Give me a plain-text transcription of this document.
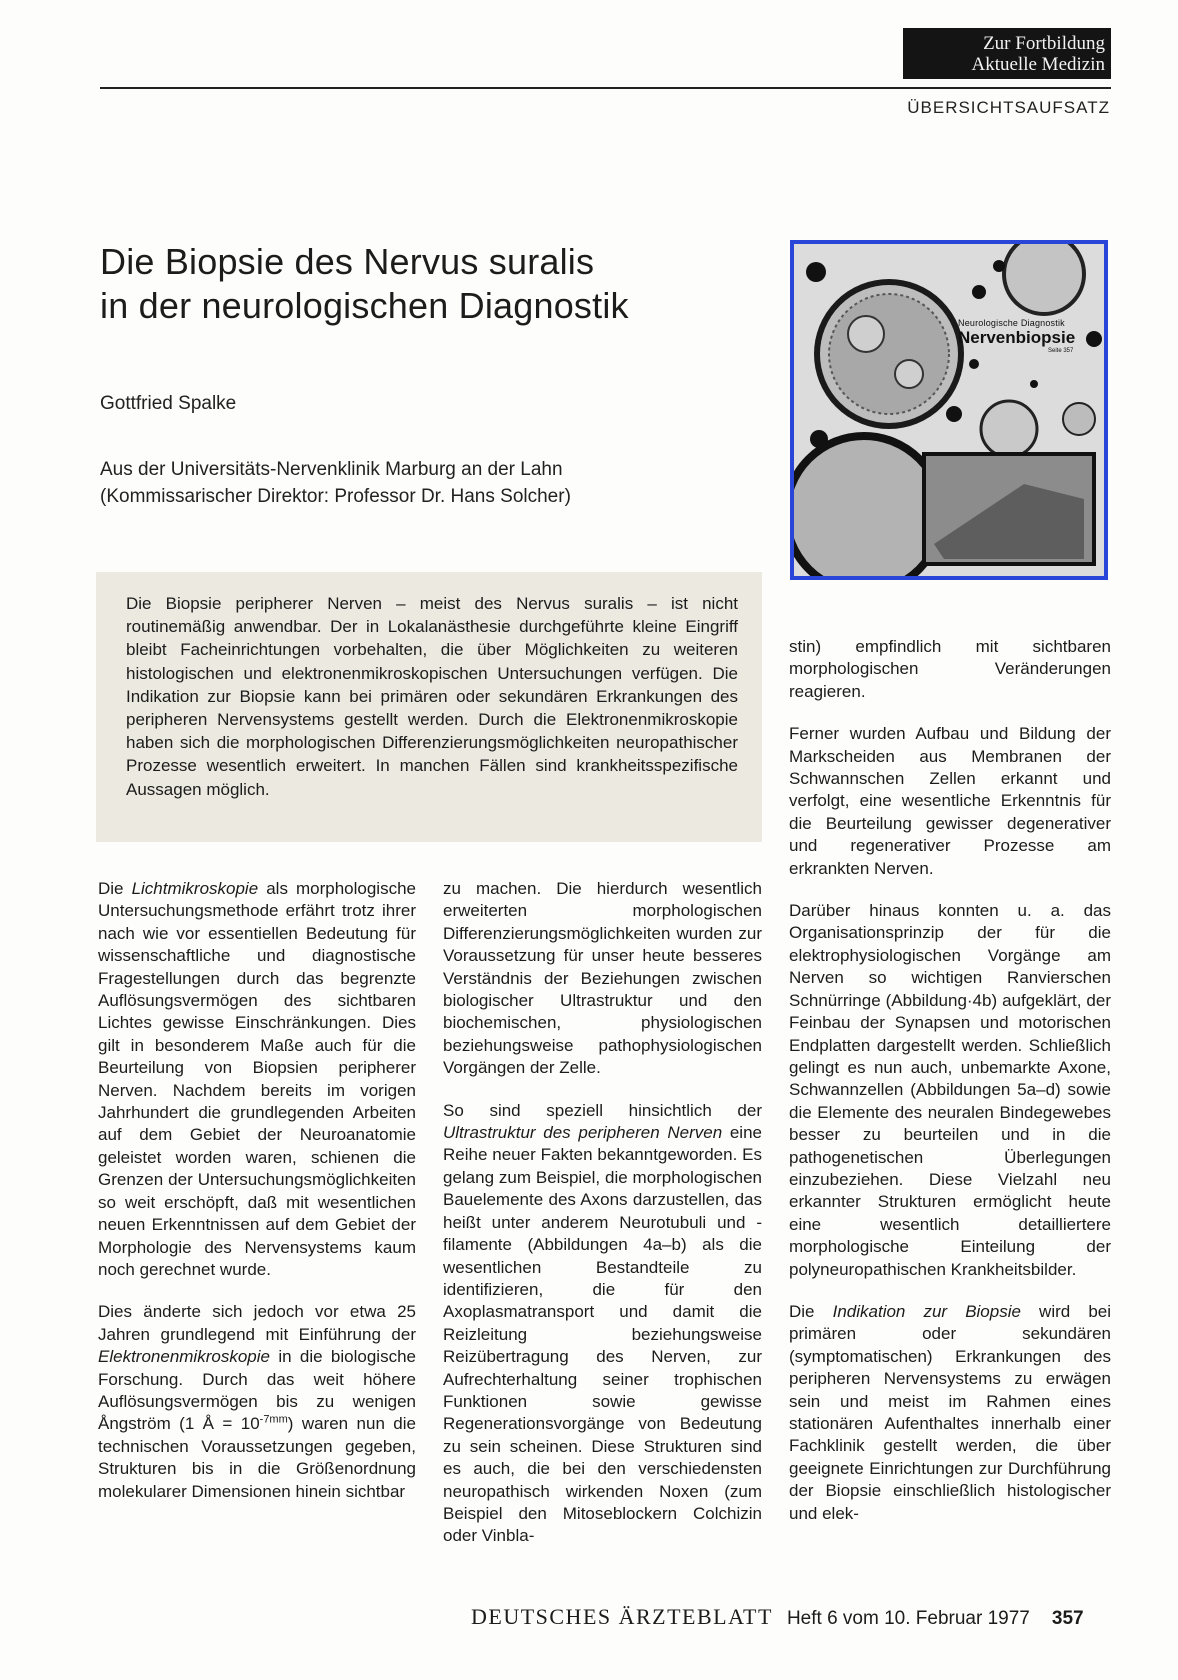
Zur Fortbildung
Aktuelle Medizin
ÜBERSICHTSAUFSATZ
Die Biopsie des Nervus suralis
in der neurologischen Diagnostik
Gottfried Spalke
Aus der Universitäts-Nervenklinik Marburg an der Lahn
(Kommissarischer Direktor: Professor Dr. Hans Solcher)
Neurologische Diagnostik
Nervenbiopsie
Seite 357

Die Biopsie peripherer Nerven – meist des Nervus suralis – ist nicht routinemäßig anwendbar. Der in Lokalanästhesie durchgeführte kleine Eingriff bleibt Facheinrichtungen vorbehalten, die über Möglichkeiten zu weiteren histologischen und elektronenmikroskopischen Untersuchungen verfügen. Die Indikation zur Biopsie kann bei primären oder sekundären Erkrankungen des peripheren Nervensystems gestellt werden. Durch die Elektronenmikroskopie haben sich die morphologischen Differenzierungsmöglichkeiten neuropathischer Prozesse wesentlich erweitert. In manchen Fällen sind krankheitsspezifische Aussagen möglich.

Die Lichtmikroskopie als morphologische Untersuchungsmethode erfährt trotz ihrer nach wie vor essentiellen Bedeutung für wissenschaftliche und diagnostische Fragestellungen durch das begrenzte Auflösungsvermögen des sichtbaren Lichtes gewisse Einschränkungen. Dies gilt in besonderem Maße auch für die Beurteilung von Biopsien peripherer Nerven. Nachdem bereits im vorigen Jahrhundert die grundlegenden Arbeiten auf dem Gebiet der Neuroanatomie geleistet worden waren, schienen die Grenzen der Untersuchungsmöglichkeiten so weit erschöpft, daß mit wesentlichen neuen Erkenntnissen auf dem Gebiet der Morphologie des Nervensystems kaum noch gerechnet wurde.

Dies änderte sich jedoch vor etwa 25 Jahren grundlegend mit Einführung der Elektronenmikroskopie in die biologische Forschung. Durch das weit höhere Auflösungsvermögen bis zu wenigen Ångström (1 Å = $10^{-7mm}$) waren nun die technischen Voraussetzungen gegeben, Strukturen bis in die Größenordnung molekularer Dimensionen hinein sichtbar

zu machen. Die hierdurch wesentlich erweiterten morphologischen Differenzierungsmöglichkeiten wurden zur Voraussetzung für unser heute besseres Verständnis der Beziehungen zwischen biologischer Ultrastruktur und den biochemischen, physiologischen beziehungsweise pathophysiologischen Vorgängen der Zelle.

So sind speziell hinsichtlich der Ultrastruktur des peripheren Nerven eine Reihe neuer Fakten bekanntgeworden. Es gelang zum Beispiel, die morphologischen Bauelemente des Axons darzustellen, das heißt unter anderem Neurotubuli und -filamente (Abbildungen 4a–b) als die wesentlichen Bestandteile zu identifizieren, die für den Axoplasmatransport und damit die Reizleitung beziehungsweise Reizübertragung des Nerven, zur Aufrechterhaltung seiner trophischen Funktionen sowie gewisse Regenerationsvorgänge von Bedeutung zu sein scheinen. Diese Strukturen sind es auch, die bei den verschiedensten neuropathisch wirkenden Noxen (zum Beispiel den Mitoseblockern Colchizin oder Vinbla-

stin) empfindlich mit sichtbaren morphologischen Veränderungen reagieren.

Ferner wurden Aufbau und Bildung der Markscheiden aus Membranen der Schwannschen Zellen erkannt und verfolgt, eine wesentliche Erkenntnis für die Beurteilung gewisser degenerativer und regenerativer Prozesse am erkrankten Nerven.

Darüber hinaus konnten u. a. das Organisationsprinzip der für die elektrophysiologischen Vorgänge am Nerven so wichtigen Ranvierschen Schnürringe (Abbildung·4b) aufgeklärt, der Feinbau der Synapsen und motorischen Endplatten dargestellt werden. Schließlich gelingt es nun auch, unbemarkte Axone, Schwannzellen (Abbildungen 5a–d) sowie die Elemente des neuralen Bindegewebes besser zu beurteilen und in die pathogenetischen Überlegungen einzubeziehen. Diese Vielzahl neu erkannter Strukturen ermöglicht heute eine wesentlich detailliertere morphologische Einteilung der polyneuropathischen Krankheitsbilder.

Die Indikation zur Biopsie wird bei primären oder sekundären (symptomatischen) Erkrankungen des peripheren Nervensystems zu erwägen sein und meist im Rahmen eines stationären Aufenthaltes innerhalb einer Fachklinik gestellt werden, die über geeignete Einrichtungen zur Durchführung der Biopsie einschließlich histologischer und elek-

DEUTSCHES ÄRZTEBLATT Heft 6 vom 10. Februar 1977 357
